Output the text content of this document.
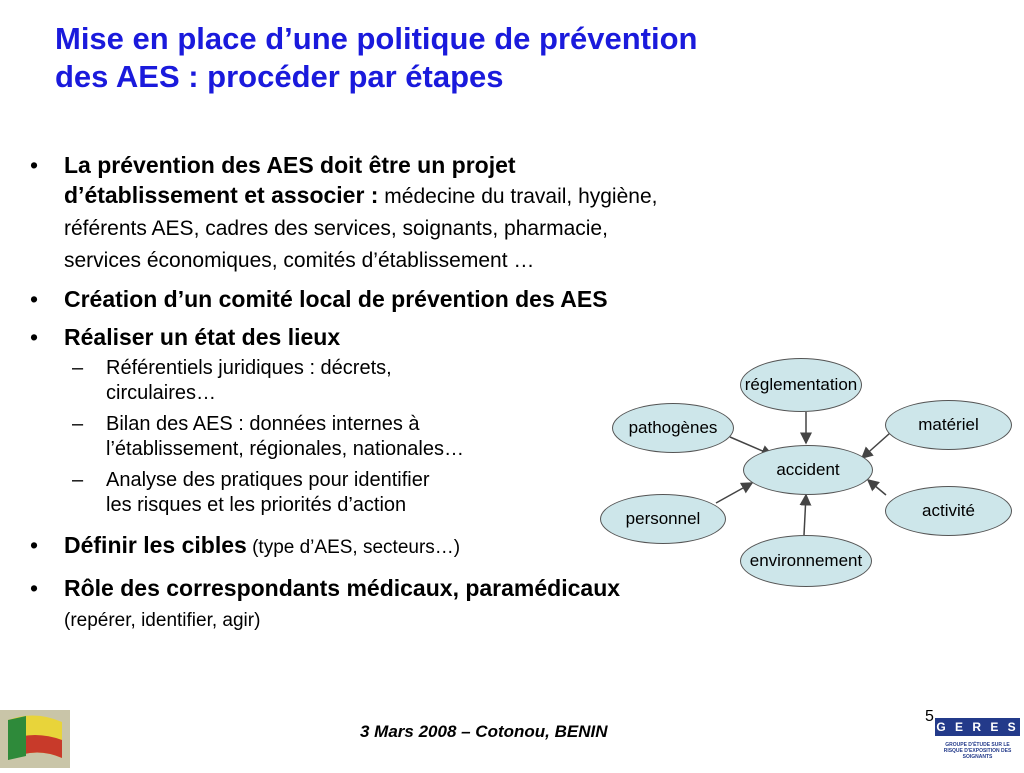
Mise en place d’une politique de prévention
des AES : procéder par étapes
• La prévention des AES doit être un projet
d’établissement et associer : médecine du travail, hygiène,
référents AES, cadres des services, soignants, pharmacie,
services économiques, comités d’établissement …
• Création d’un comité local de prévention des AES
• Réaliser un état des lieux
– Référentiels juridiques : décrets,
circulaires…
– Bilan des AES : données internes à
l’établissement, régionales, nationales…
– Analyse des pratiques pour identifier
les risques et les priorités d’action
• Définir les cibles (type d’AES, secteurs…)
• Rôle des correspondants médicaux, paramédicaux
(repérer, identifier, agir)
réglementation
pathogènes
accident
personnel
environnement
matériel
activité
3 Mars 2008 – Cotonou, BENIN
5
G E R E S
GROUPE D'ÉTUDE SUR LE RISQUE D'EXPOSITION DES SOIGNANTS
